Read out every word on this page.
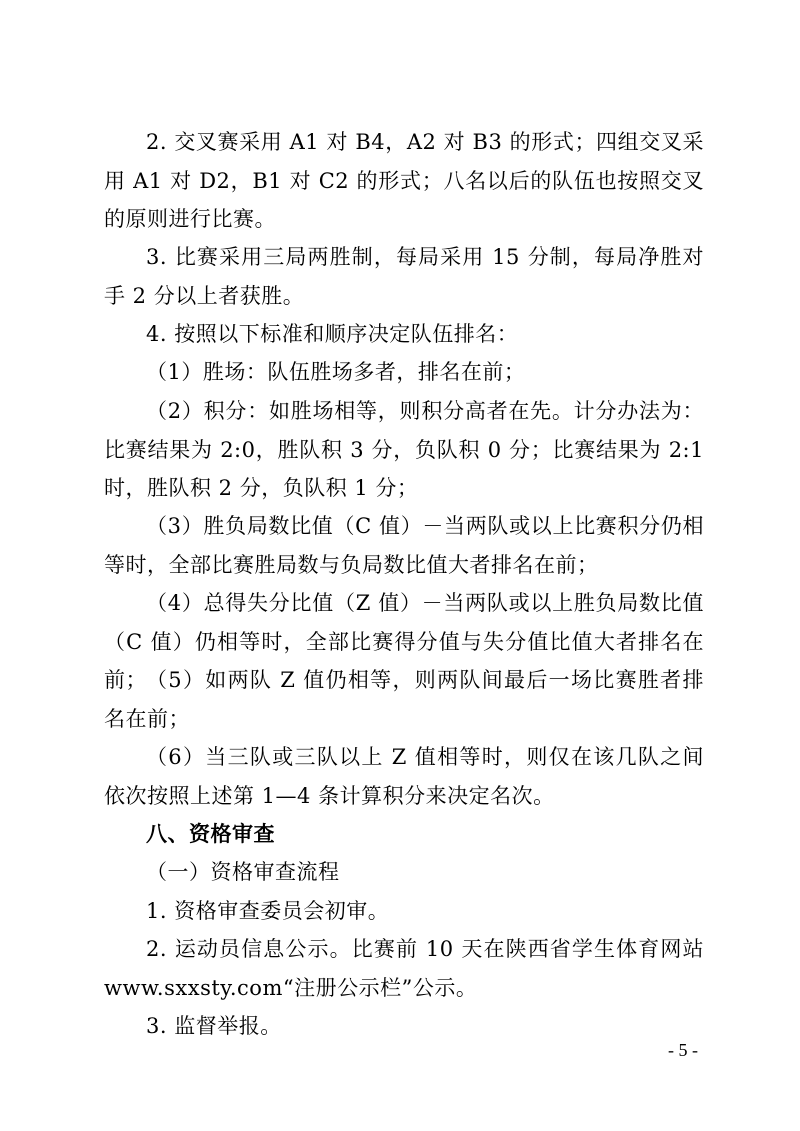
2. 交叉赛采用 A1 对 B4，A2 对 B3 的形式；四组交叉采用 A1 对 D2，B1 对 C2 的形式；八名以后的队伍也按照交叉的原则进行比赛。

3. 比赛采用三局两胜制，每局采用 15 分制，每局净胜对手 2 分以上者获胜。

4. 按照以下标准和顺序决定队伍排名：

（1）胜场：队伍胜场多者，排名在前；

（2）积分：如胜场相等，则积分高者在先。计分办法为：比赛结果为 2:0，胜队积 3 分，负队积 0 分；比赛结果为 2:1 时，胜队积 2 分，负队积 1 分；

（3）胜负局数比值（C 值）－当两队或以上比赛积分仍相等时，全部比赛胜局数与负局数比值大者排名在前；

（4）总得失分比值（Z 值）－当两队或以上胜负局数比值（C 值）仍相等时，全部比赛得分值与失分值比值大者排名在前； （5）如两队 Z 值仍相等，则两队间最后一场比赛胜者排名在前；

（6）当三队或三队以上 Z 值相等时，则仅在该几队之间依次按照上述第 1—4 条计算积分来决定名次。

八、资格审查

（一）资格审查流程

1. 资格审查委员会初审。

2. 运动员信息公示。比赛前 10 天在陕西省学生体育网站 www.sxxsty.com“注册公示栏”公示。

3. 监督举报。

- 5 -
